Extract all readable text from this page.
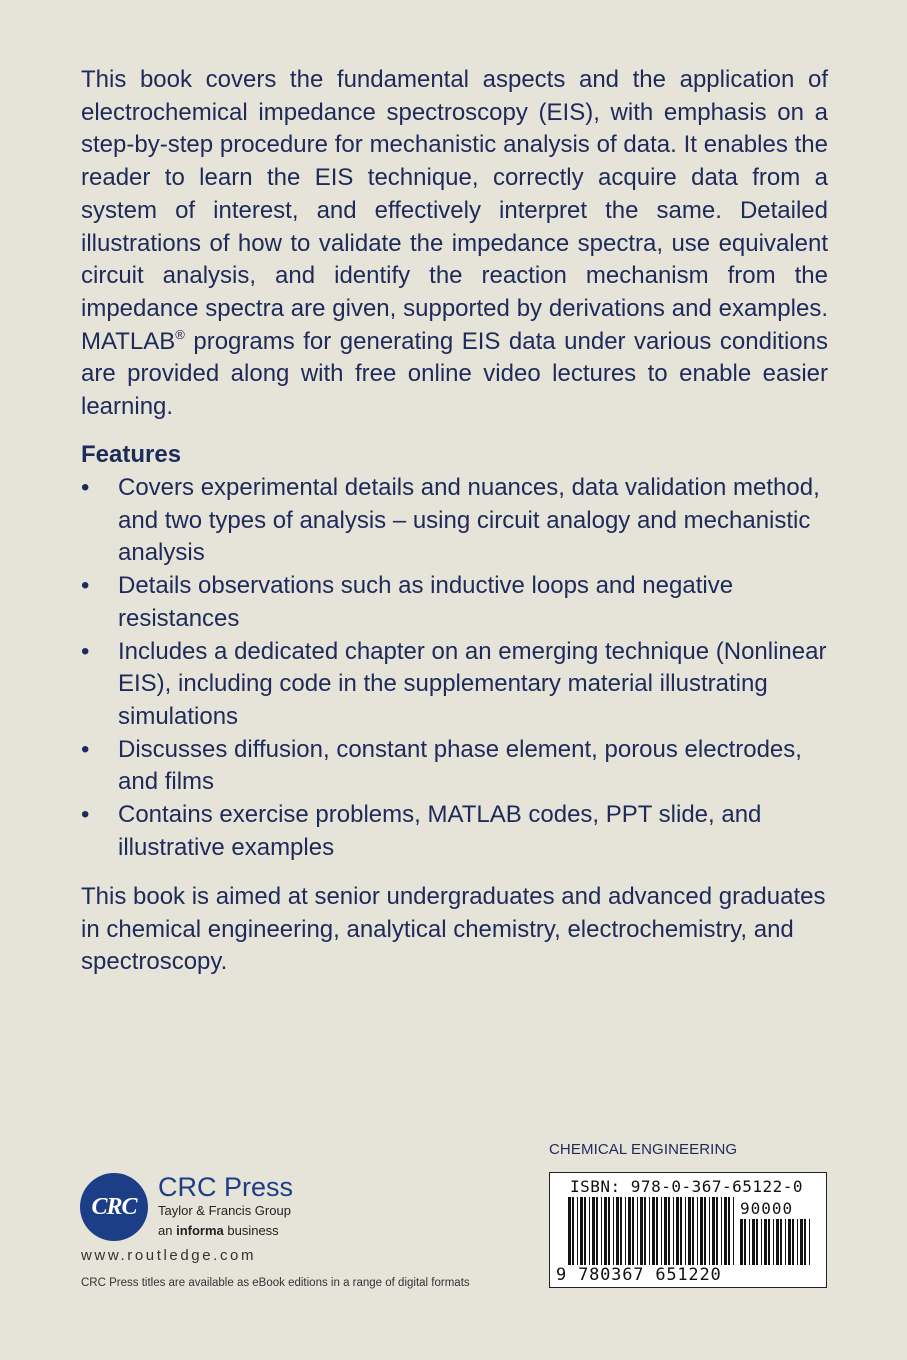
This book covers the fundamental aspects and the application of electrochemical impedance spectroscopy (EIS), with emphasis on a step-by-step procedure for mechanistic analysis of data. It enables the reader to learn the EIS technique, correctly acquire data from a system of interest, and effectively interpret the same. Detailed illustrations of how to validate the impedance spectra, use equivalent circuit analysis, and identify the reaction mechanism from the impedance spectra are given, supported by derivations and examples. MATLAB® programs for generating EIS data under various conditions are provided along with free online video lectures to enable easier learning.

Features
• Covers experimental details and nuances, data validation method, and two types of analysis – using circuit analogy and mechanistic analysis
• Details observations such as inductive loops and negative resistances
• Includes a dedicated chapter on an emerging technique (Nonlinear EIS), including code in the supplementary material illustrating simulations
• Discusses diffusion, constant phase element, porous electrodes, and films
• Contains exercise problems, MATLAB codes, PPT slide, and illustrative examples

This book is aimed at senior undergraduates and advanced graduates in chemical engineering, analytical chemistry, electrochemistry, and spectroscopy.

CHEMICAL ENGINEERING

ISBN: 978-0-367-65122-0
90000
9 780367 651220
CRC

CRC Press

Taylor & Francis Group

an informa business

www.routledge.com

CRC Press titles are available as eBook editions in a range of digital formats
